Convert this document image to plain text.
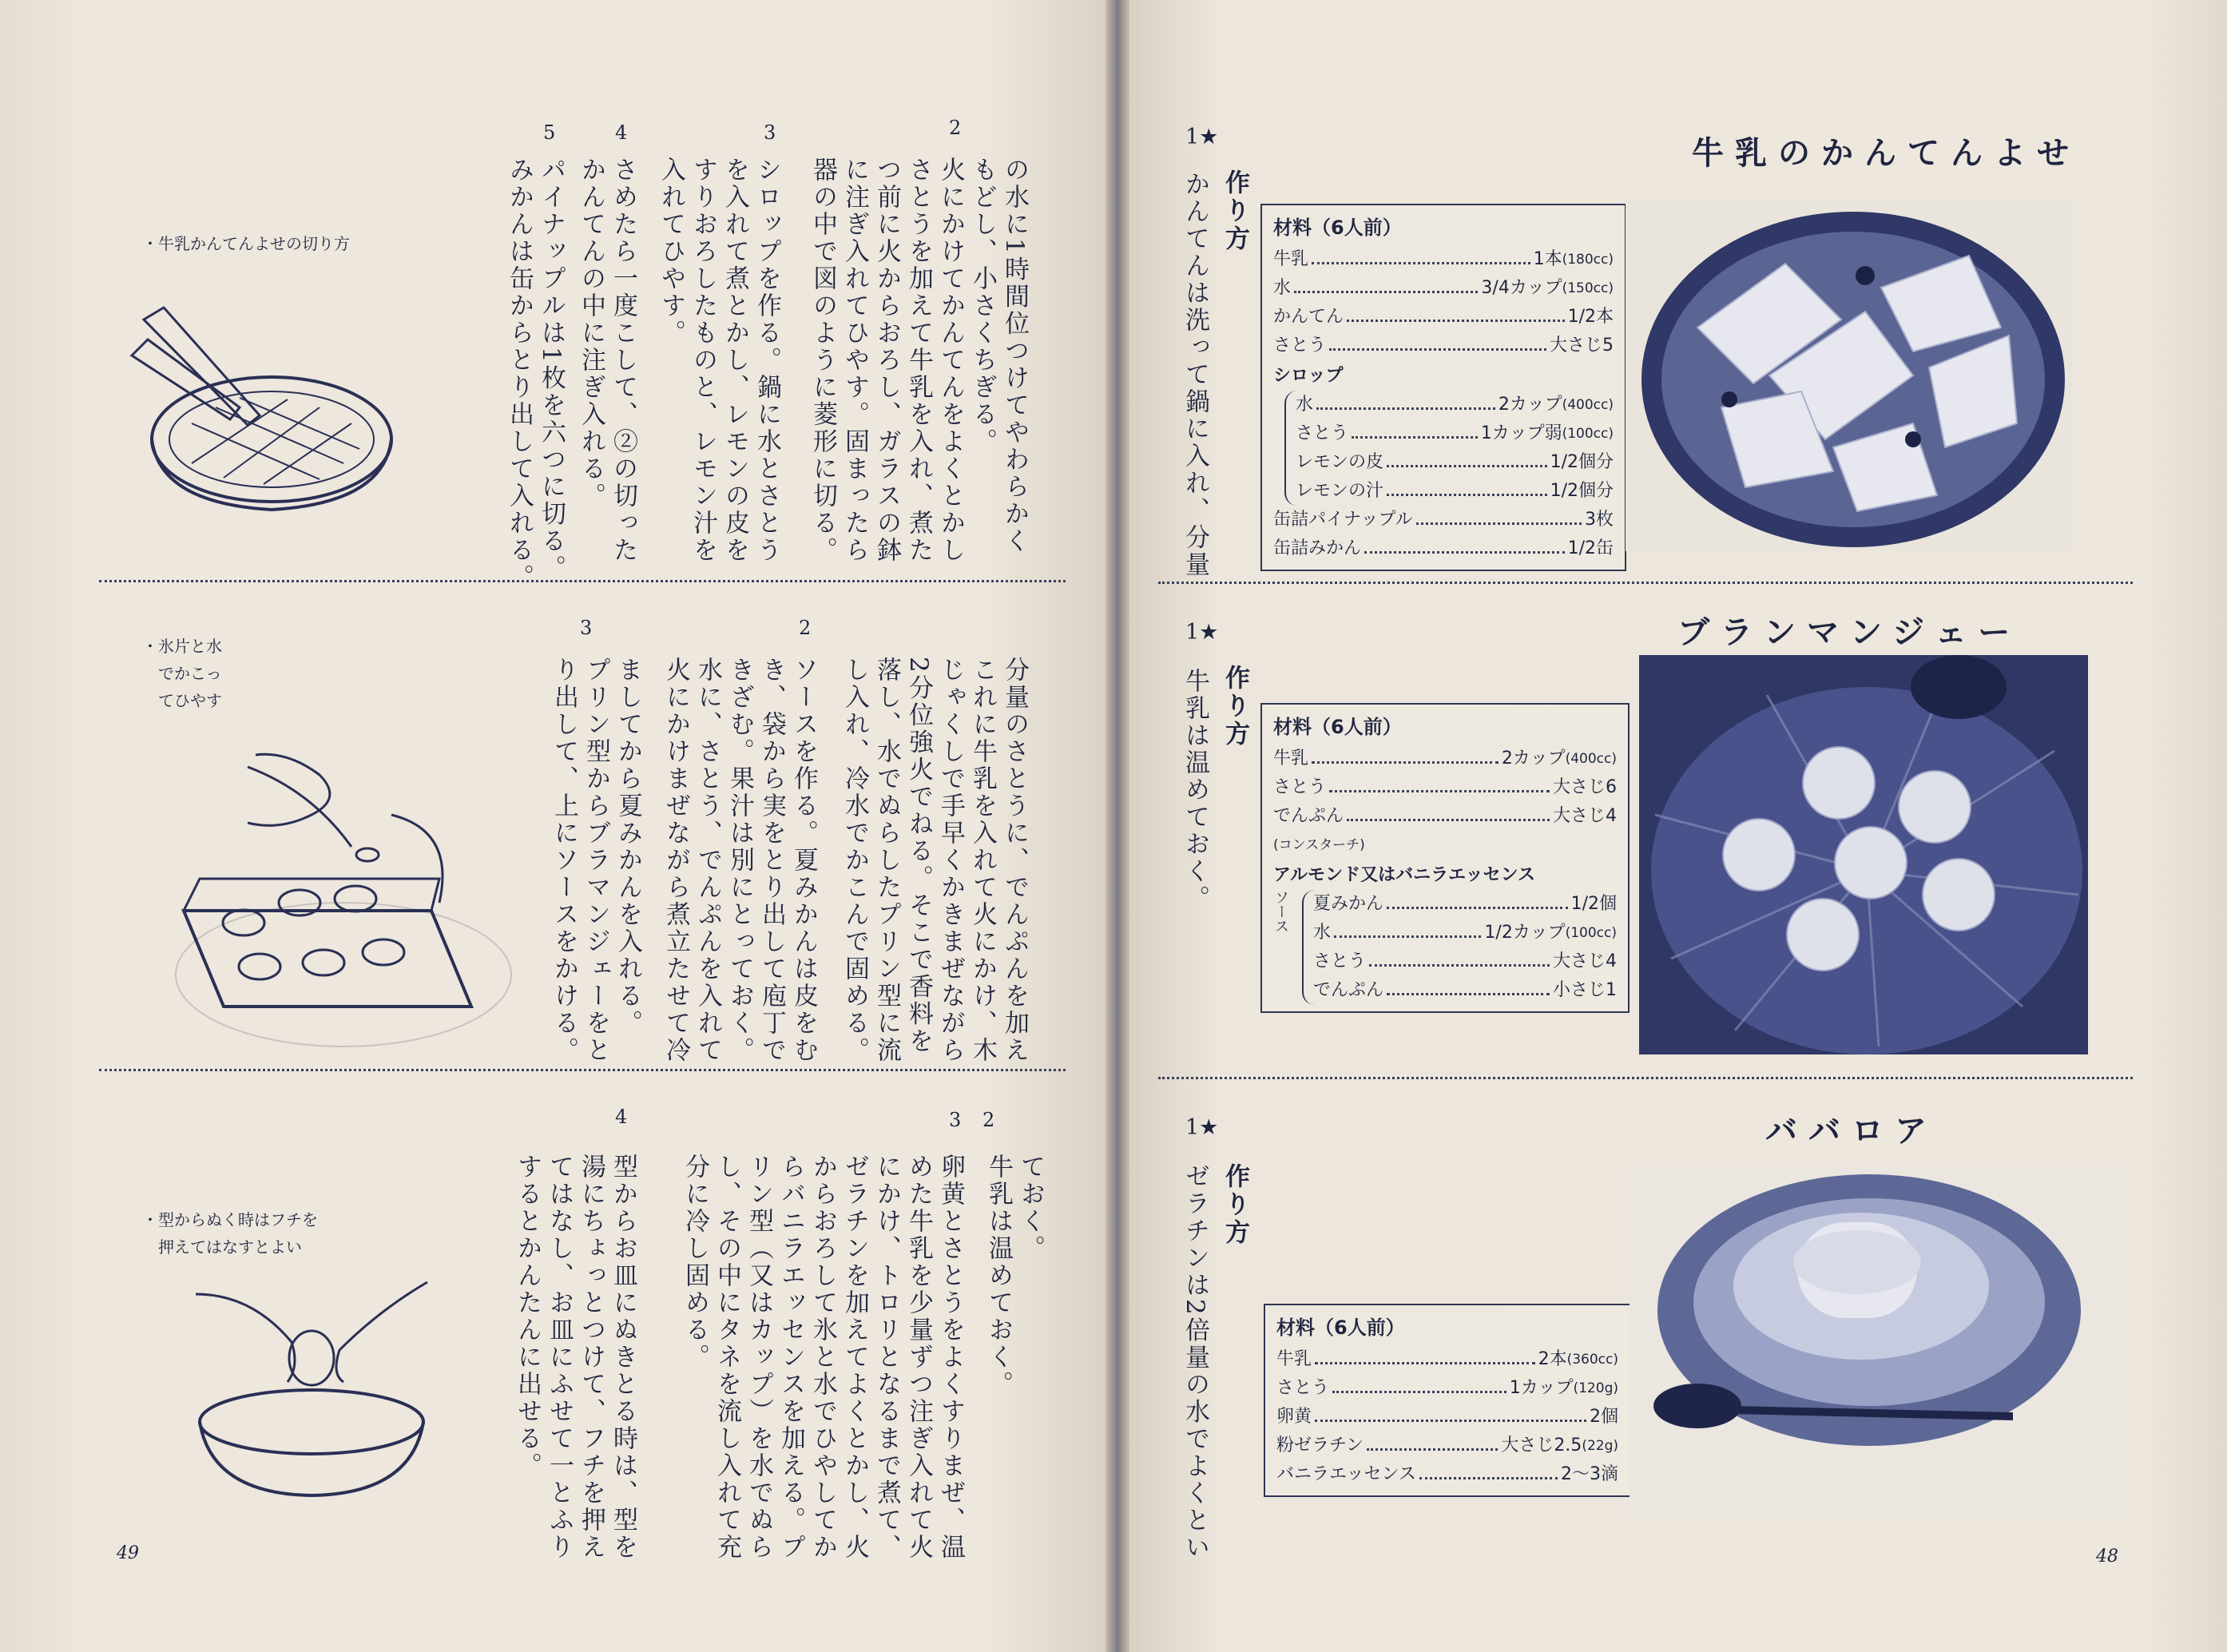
・牛乳かんてんよせの切り方
2
3
4
5
の水に1時間位つけてやわらかく
もどし、小さくちぎる。
火にかけてかんてんをよくとかし
さとうを加えて牛乳を入れ、煮た
つ前に火からおろし、ガラスの鉢
に注ぎ入れてひやす。固まったら
器の中で図のように菱形に切る。
シロップを作る。鍋に水とさとう
を入れて煮とかし、レモンの皮を
すりおろしたものと、レモン汁を
入れてひやす。
さめたら一度こして、②の切った
かんてんの中に注ぎ入れる。
パイナップルは1枚を六つに切る。
みかんは缶からとり出して入れる。
・氷片と水
　でかこっ
　てひやす
2
3
分量のさとうに、でんぷんを加え
これに牛乳を入れて火にかけ、木
じゃくしで手早くかきまぜながら
2分位強火でねる。そこで香料を
落し、水でぬらしたプリン型に流
し入れ、冷水でかこんで固める。
ソースを作る。夏みかんは皮をむ
き、袋から実をとり出して庖丁で
きざむ。果汁は別にとっておく。
水に、さとう、でんぷんを入れて
火にかけまぜながら煮立たせて冷
ましてから夏みかんを入れる。
プリン型からブラマンジェーをと
り出して、上にソースをかける。
・型からぬく時はフチを
　押えてはなすとよい
2
3
4
ておく。
牛乳は温めておく。
卵黄とさとうをよくすりまぜ、温
めた牛乳を少量ずつ注ぎ入れて火
にかけ、トロリとなるまで煮て、
ゼラチンを加えてよくとかし、火
からおろして氷と水でひやしてか
らバニラエッセンスを加える。プ
リン型（又はカップ）を水でぬら
し、その中にタネを流し入れて充
分に冷し固める。
型からお皿にぬきとる時は、型を
湯にちょっとつけて、フチを押え
てはなし、お皿にふせて一とふり
するとかんたんに出せる。
49
牛乳のかんてんよせ
1★
作り方
かんてんは洗って鍋に入れ、分量	材料（6人前）
牛乳	1本 (180cc)
水	3/4カップ (150cc)
かんてん	1/2本
さとう	大さじ5
シロップ
水	2カップ (400cc)
さとう	1カップ弱 (100cc)
レモンの皮	1/2個分
レモンの汁	1/2個分
缶詰パイナップル	3枚
缶詰みかん	1/2缶
ブランマンジェー
1★
作り方
牛乳は温めておく。	材料（6人前）
牛乳	2カップ (400cc)
さとう	大さじ6
でんぷん	大さじ4
(コンスターチ)
アルモンド又はバニラエッセンス
ソース 夏みかん	1/2個
水	1/2カップ (100cc)
さとう	大さじ4
でんぷん	小さじ1
ババロア
1★
作り方
ゼラチンは2倍量の水でよくとい	材料（6人前）
牛乳	2本 (360cc)
さとう	1カップ (120g)
卵黄	2個
粉ゼラチン	大さじ2.5 (22g)
バニラエッセンス	2～3滴
48
